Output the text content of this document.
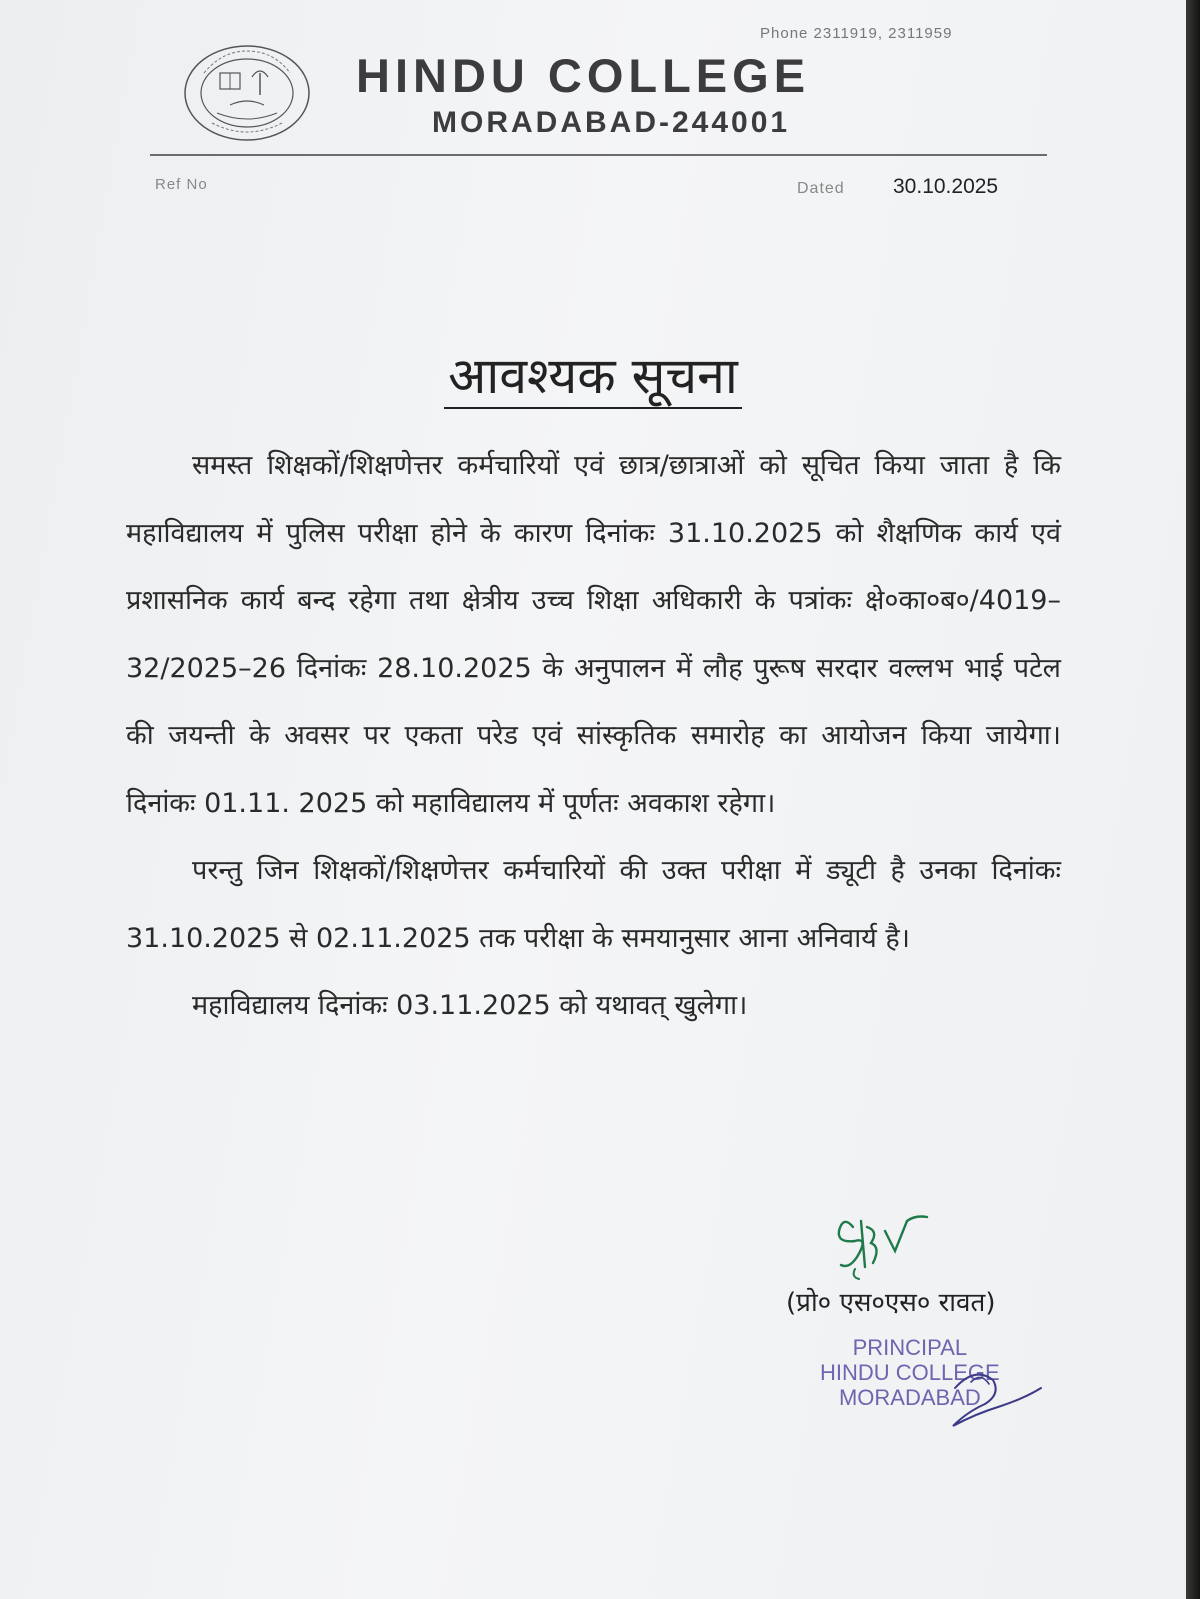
Phone 2311919, 2311959
HINDU COLLEGE
MORADABAD-244001
Ref No	Dated 30.10.2025
आवश्यक सूचना

समस्त शिक्षकों/शिक्षणेत्तर कर्मचारियों एवं छात्र/छात्राओं को सूचित किया जाता है कि महाविद्यालय में पुलिस परीक्षा होने के कारण दिनांकः 31.10.2025 को शैक्षणिक कार्य एवं प्रशासनिक कार्य बन्द रहेगा तथा क्षेत्रीय उच्च शिक्षा अधिकारी के पत्रांकः क्षे०का०ब०/4019–32/2025–26 दिनांकः 28.10.2025 के अनुपालन में लौह पुरूष सरदार वल्लभ भाई पटेल की जयन्ती के अवसर पर एकता परेड एवं सांस्कृतिक समारोह का आयोजन किया जायेगा। दिनांकः 01.11. 2025 को महाविद्यालय में पूर्णतः अवकाश रहेगा।

परन्तु जिन शिक्षकों/शिक्षणेत्तर कर्मचारियों की उक्त परीक्षा में ड्यूटी है उनका दिनांकः 31.10.2025 से 02.11.2025 तक परीक्षा के समयानुसार आना अनिवार्य है।

महाविद्यालय दिनांकः 03.11.2025 को यथावत् खुलेगा।

(प्रो० एस०एस० रावत)
PRINCIPAL
HINDU COLLEGE
MORADABAD
